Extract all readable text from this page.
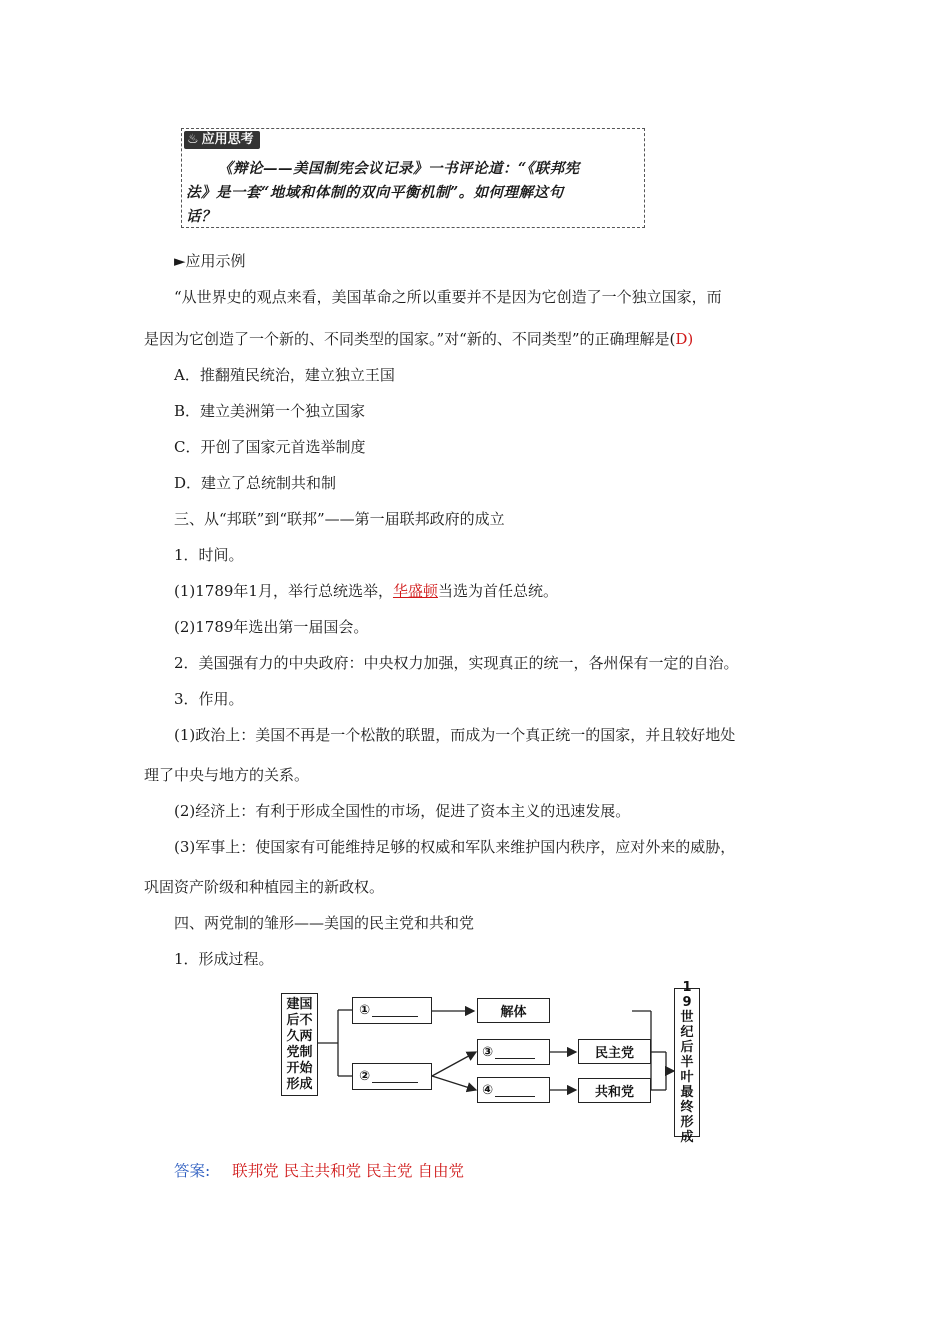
♨ 应用思考
《辩论——美国制宪会议记录》一书评论道：“《联邦宪
法》是一套“地域和体制的双向平衡机制”。如何理解这句
话？
►应用示例
“从世界史的观点来看，美国革命之所以重要并不是因为它创造了一个独立国家，而
是因为它创造了一个新的、不同类型的国家。”对“新的、不同类型”的正确理解是(D)
A．推翻殖民统治，建立独立王国
B．建立美洲第一个独立国家
C．开创了国家元首选举制度
D．建立了总统制共和制
三、从“邦联”到“联邦”——第一届联邦政府的成立
1．时间。
(1)1789年1月，举行总统选举，华盛顿当选为首任总统。
(2)1789年选出第一届国会。
2．美国强有力的中央政府：中央权力加强，实现真正的统一，各州保有一定的自治。
3．作用。
(1)政治上：美国不再是一个松散的联盟，而成为一个真正统一的国家，并且较好地处
理了中央与地方的关系。
(2)经济上：有利于形成全国性的市场，促进了资本主义的迅速发展。
(3)军事上：使国家有可能维持足够的权威和军队来维护国内秩序，应对外来的威胁，
巩固资产阶级和种植园主的新政权。
四、两党制的雏形——美国的民主党和共和党
1．形成过程。
建国后不久两党制开始形成
①
②
解体
③
④
民主党
共和党
19世纪后半叶最终形成
答案: 联邦党 民主共和党 民主党 自由党
